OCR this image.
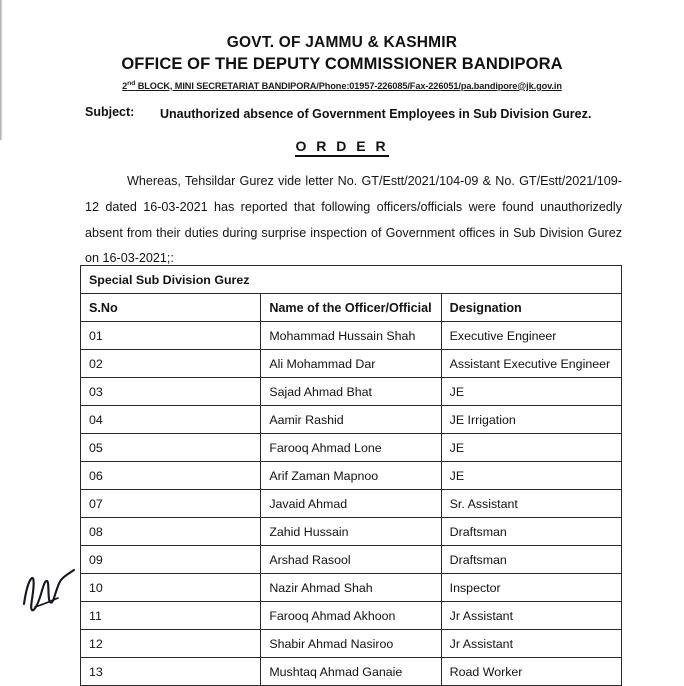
GOVT. OF JAMMU & KASHMIR
OFFICE OF THE DEPUTY COMMISSIONER BANDIPORA
2nd BLOCK, MINI SECRETARIAT BANDIPORA/Phone:01957-226085/Fax-226051/pa.bandipore@jk.gov.in
Subject:	Unauthorized absence of Government Employees in Sub Division Gurez.
O R D E R
Whereas, Tehsildar Gurez vide letter No. GT/Estt/2021/104-09 & No. GT/Estt/2021/109-12 dated 16-03-2021 has reported that following officers/officials were found unauthorizedly absent from their duties during surprise inspection of Government offices in Sub Division Gurez on 16-03-2021;:
Special Sub Division Gurez		
S.No	Name of the Officer/Official	Designation
01	Mohammad Hussain Shah	Executive Engineer
02	Ali Mohammad Dar	Assistant Executive Engineer
03	Sajad Ahmad Bhat	JE
04	Aamir Rashid	JE Irrigation
05	Farooq Ahmad Lone	JE
06	Arif Zaman Mapnoo	JE
07	Javaid Ahmad	Sr. Assistant
08	Zahid Hussain	Draftsman
09	Arshad Rasool	Draftsman
10	Nazir Ahmad Shah	Inspector
11	Farooq Ahmad Akhoon	Jr Assistant
12	Shabir Ahmad Nasiroo	Jr Assistant
13	Mushtaq Ahmad Ganaie	Road Worker
